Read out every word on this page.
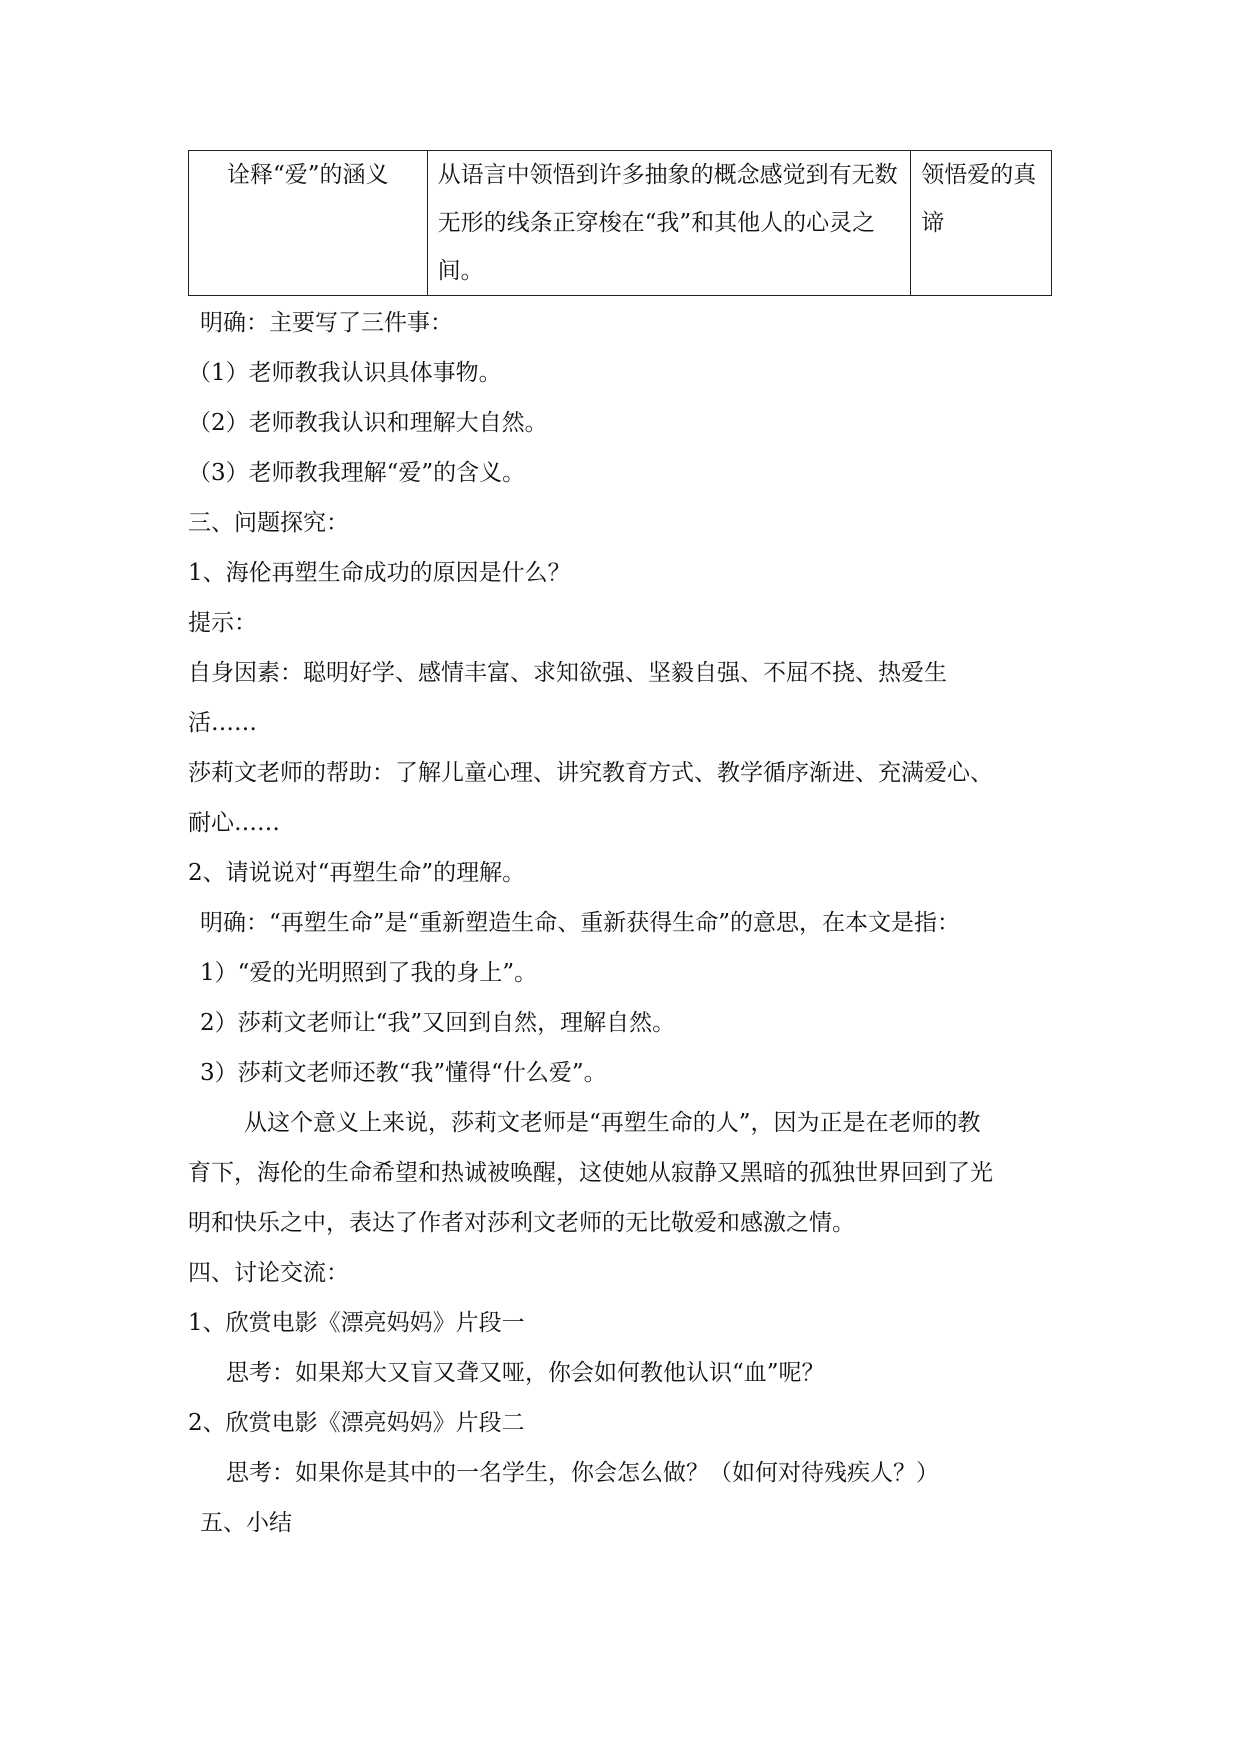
诠释“爱”的涵义	从语言中领悟到许多抽象的概念感觉到有无数无形的线条正穿梭在“我”和其他人的心灵之间。	领悟爱的真谛
明确：主要写了三件事：
（1）老师教我认识具体事物。
（2）老师教我认识和理解大自然。
（3）老师教我理解“爱”的含义。
三、问题探究：
1、海伦再塑生命成功的原因是什么？
提示：
自身因素：聪明好学、感情丰富、求知欲强、坚毅自强、不屈不挠、热爱生
活……
莎莉文老师的帮助：了解儿童心理、讲究教育方式、教学循序渐进、充满爱心、
耐心……
2、请说说对“再塑生命”的理解。
明确：“再塑生命”是“重新塑造生命、重新获得生命”的意思，在本文是指：
1）“爱的光明照到了我的身上”。
2）莎莉文老师让“我”又回到自然，理解自然。
3）莎莉文老师还教“我”懂得“什么爱”。
从这个意义上来说，莎莉文老师是“再塑生命的人”，因为正是在老师的教
育下，海伦的生命希望和热诚被唤醒，这使她从寂静又黑暗的孤独世界回到了光
明和快乐之中，表达了作者对莎利文老师的无比敬爱和感激之情。
四、讨论交流：
1、欣赏电影《漂亮妈妈》片段一
思考：如果郑大又盲又聋又哑，你会如何教他认识“血”呢？
2、欣赏电影《漂亮妈妈》片段二
思考：如果你是其中的一名学生，你会怎么做？（如何对待残疾人？）
五、小结
